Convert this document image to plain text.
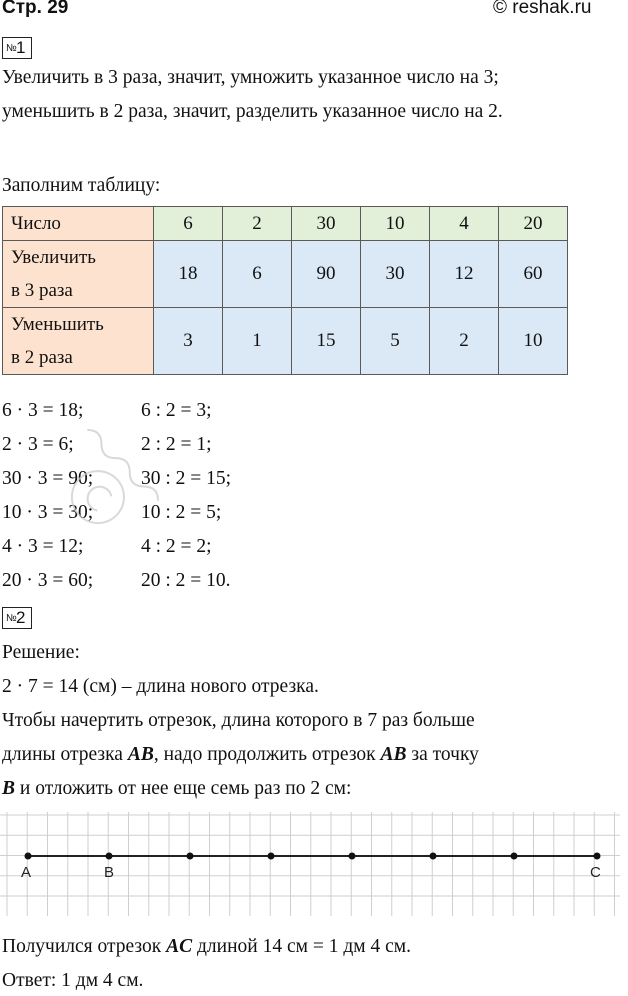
Стр. 29	© reshak.ru
№ 1
Увеличить в 3 раза, значит, умножить указанное число на 3;
уменьшить в 2 раза, значит, разделить указанное число на 2.
Заполним таблицу:
Число	6	2	30	10	4	20
Увеличить
в 3 раза	18	6	90	30	12	60
Уменьшить
в 2 раза	3	1	15	5	2	10
6 · 3 = 18;
2 · 3 = 6;
30 · 3 = 90;
10 · 3 = 30;
4 · 3 = 12;
20 · 3 = 60;
6 : 2 = 3;
2 : 2 = 1;
30 : 2 = 15;
10 : 2 = 5;
4 : 2 = 2;
20 : 2 = 10.
№ 2
Решение:
2 · 7 = 14 (см) – длина нового отрезка.
Чтобы начертить отрезок, длина которого в 7 раз больше
длины отрезка AB, надо продолжить отрезок AB за точку
B и отложить от нее еще семь раз по 2 см:
A	B	C
Получился отрезок AC длиной 14 см = 1 дм 4 см.
Ответ: 1 дм 4 см.
